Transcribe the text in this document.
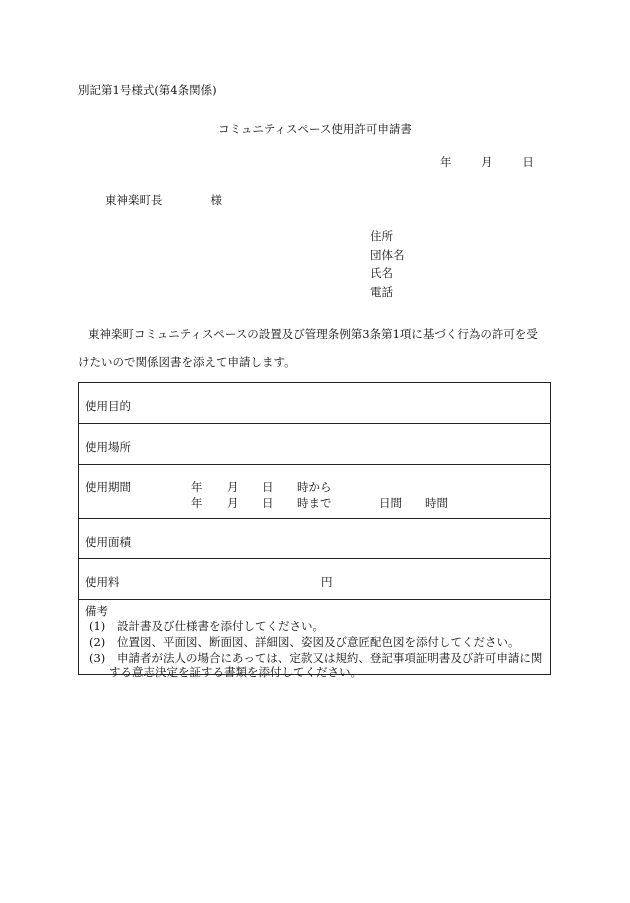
別記第1号様式(第4条関係)
コミュニティスペース使用許可申請書
年	月	日
東神楽町長	様
住所
団体名
氏名
電話
東神楽町コミュニティスペースの設置及び管理条例第3条第1項に基づく行為の許可を受
けたいので関係図書を添えて申請します。
使用目的
使用場所
使用期間	年 月 日 時から
年 月 日 時まで	日間 時間
使用面積
使用料	円
備考
(1) 設計書及び仕様書を添付してください。
(2) 位置図、平面図、断面図、詳細図、姿図及び意匠配色図を添付してください。
(3) 申請者が法人の場合にあっては、定款又は規約、登記事項証明書及び許可申請に関
する意志決定を証する書類を添付してください。
